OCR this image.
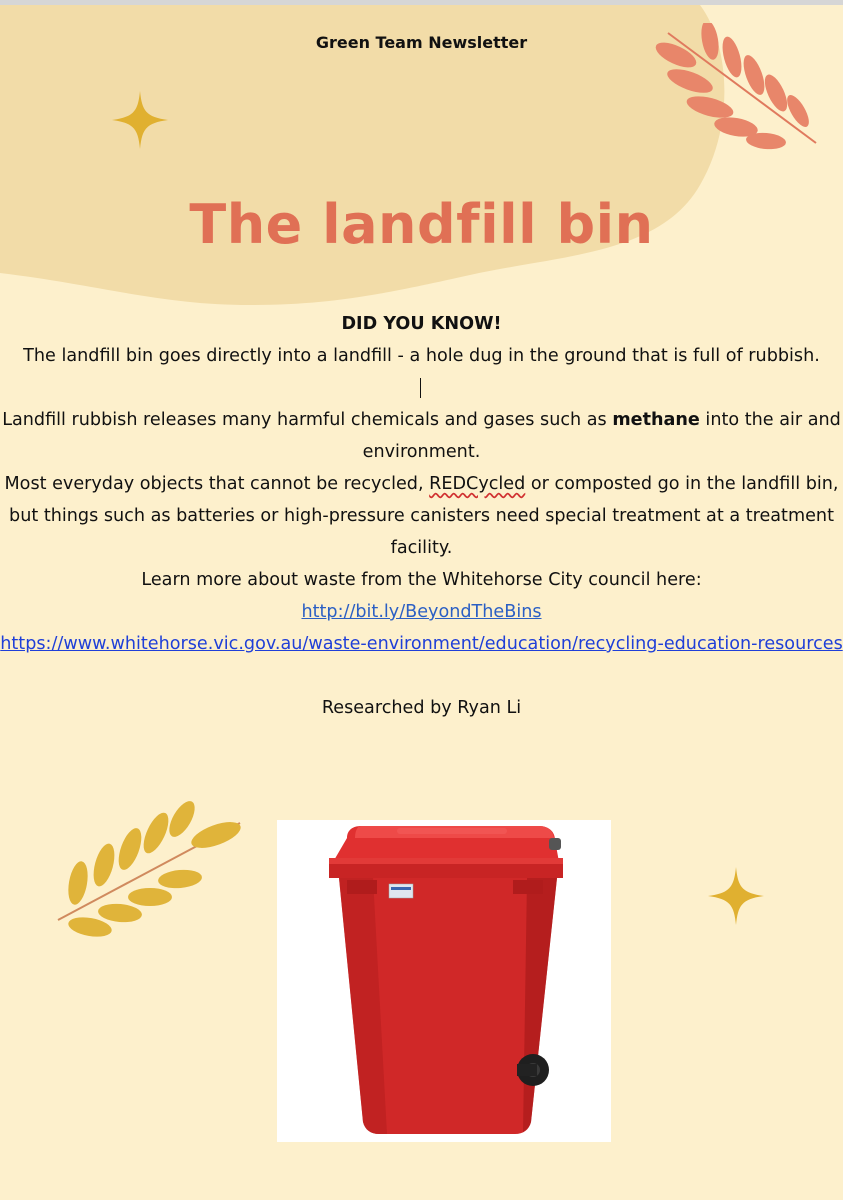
Green Team Newsletter
The landfill bin

DID YOU KNOW!

The landfill bin goes directly into a landfill - a hole dug in the ground that is full of rubbish.

Landfill rubbish releases many harmful chemicals and gases such as methane into the air and environment.

Most everyday objects that cannot be recycled, REDCycled or composted go in the landfill bin, but things such as batteries or high-pressure canisters need special treatment at a treatment facility.

Learn more about waste from the Whitehorse City council here:

http://bit.ly/BeyondTheBins

https://www.whitehorse.vic.gov.au/waste-environment/education/recycling-education-resources

Researched by Ryan Li
